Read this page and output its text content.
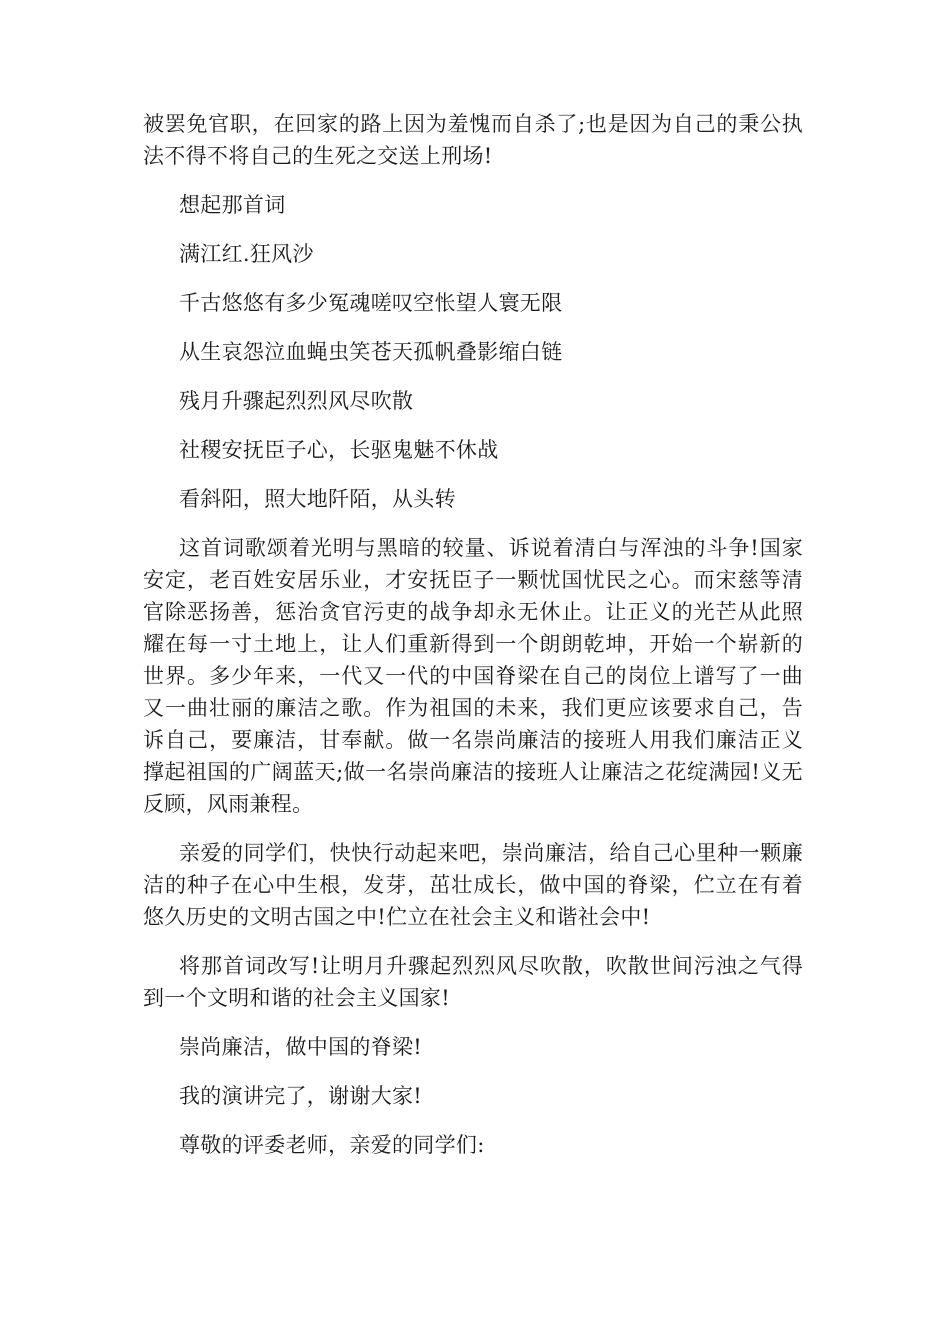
被罢免官职，在回家的路上因为羞愧而自杀了;也是因为自己的秉公执法不得不将自己的生死之交送上刑场!

想起那首词

满江红.狂风沙

千古悠悠有多少冤魂嗟叹空怅望人寰无限

从生哀怨泣血蝇虫笑苍天孤帆叠影缩白链

残月升骤起烈烈风尽吹散

社稷安抚臣子心，长驱鬼魅不休战

看斜阳，照大地阡陌，从头转

这首词歌颂着光明与黑暗的较量、诉说着清白与浑浊的斗争!国家安定，老百姓安居乐业，才安抚臣子一颗忧国忧民之心。而宋慈等清官除恶扬善，惩治贪官污吏的战争却永无休止。让正义的光芒从此照耀在每一寸土地上，让人们重新得到一个朗朗乾坤，开始一个崭新的世界。多少年来，一代又一代的中国脊梁在自己的岗位上谱写了一曲又一曲壮丽的廉洁之歌。作为祖国的未来，我们更应该要求自己，告诉自己，要廉洁，甘奉献。做一名崇尚廉洁的接班人用我们廉洁正义撑起祖国的广阔蓝天;做一名崇尚廉洁的接班人让廉洁之花绽满园!义无反顾，风雨兼程。

亲爱的同学们，快快行动起来吧，崇尚廉洁，给自己心里种一颗廉洁的种子在心中生根，发芽，茁壮成长，做中国的脊梁，伫立在有着悠久历史的文明古国之中!伫立在社会主义和谐社会中!

将那首词改写!让明月升骤起烈烈风尽吹散，吹散世间污浊之气得到一个文明和谐的社会主义国家!

崇尚廉洁，做中国的脊梁!

我的演讲完了，谢谢大家!

尊敬的评委老师，亲爱的同学们:
